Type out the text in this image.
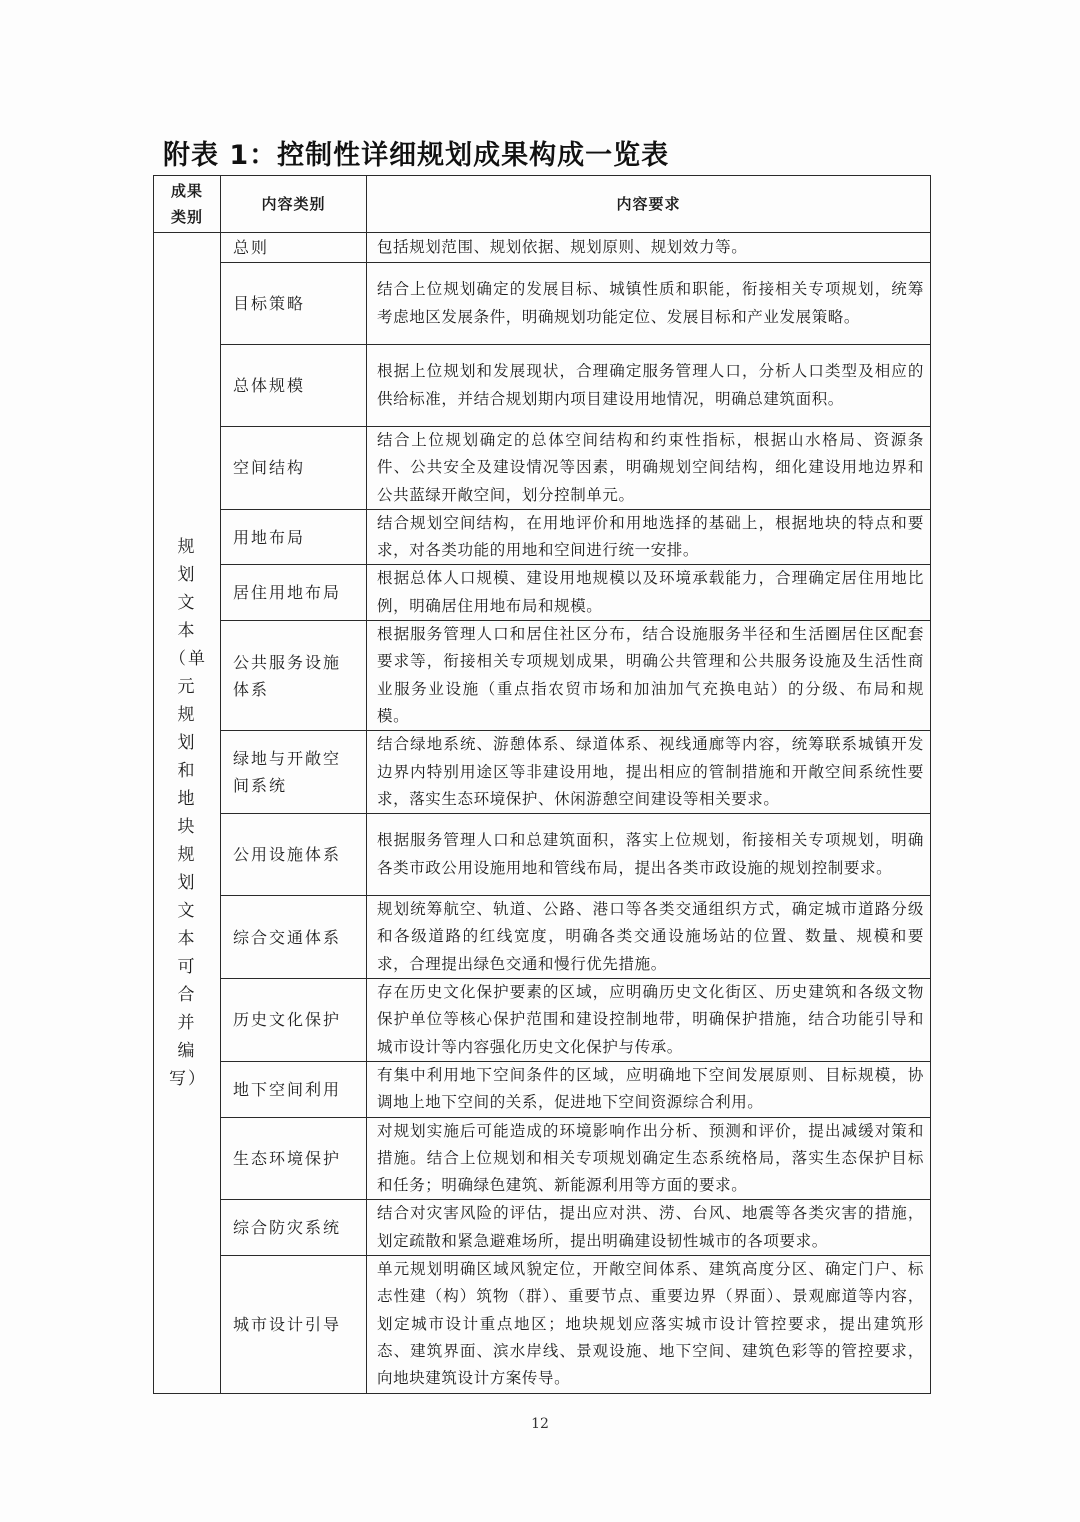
附表 1：控制性详细规划成果构成一览表
成果类别	内容类别	内容要求

规划文本（单元规划和地块规划文本可合并编写）	总则	包括规划范围、规划依据、规划原则、规划效力等。

	目标策略	结合上位规划确定的发展目标、城镇性质和职能，衔接相关专项规划，统筹考虑地区发展条件，明确规划功能定位、发展目标和产业发展策略。

	总体规模	根据上位规划和发展现状，合理确定服务管理人口，分析人口类型及相应的供给标准，并结合规划期内项目建设用地情况，明确总建筑面积。

	空间结构	结合上位规划确定的总体空间结构和约束性指标，根据山水格局、资源条件、公共安全及建设情况等因素，明确规划空间结构，细化建设用地边界和公共蓝绿开敞空间，划分控制单元。

	用地布局	结合规划空间结构，在用地评价和用地选择的基础上，根据地块的特点和要求，对各类功能的用地和空间进行统一安排。

	居住用地布局	根据总体人口规模、建设用地规模以及环境承载能力，合理确定居住用地比例，明确居住用地布局和规模。

	公共服务设施体系	根据服务管理人口和居住社区分布，结合设施服务半径和生活圈居住区配套要求等，衔接相关专项规划成果，明确公共管理和公共服务设施及生活性商业服务业设施（重点指农贸市场和加油加气充换电站）的分级、布局和规模。

	绿地与开敞空间系统	结合绿地系统、游憩体系、绿道体系、视线通廊等内容，统筹联系城镇开发边界内特别用途区等非建设用地，提出相应的管制措施和开敞空间系统性要求，落实生态环境保护、休闲游憩空间建设等相关要求。

	公用设施体系	根据服务管理人口和总建筑面积，落实上位规划，衔接相关专项规划，明确各类市政公用设施用地和管线布局，提出各类市政设施的规划控制要求。

	综合交通体系	规划统筹航空、轨道、公路、港口等各类交通组织方式，确定城市道路分级和各级道路的红线宽度，明确各类交通设施场站的位置、数量、规模和要求，合理提出绿色交通和慢行优先措施。

	历史文化保护	存在历史文化保护要素的区域，应明确历史文化街区、历史建筑和各级文物保护单位等核心保护范围和建设控制地带，明确保护措施，结合功能引导和城市设计等内容强化历史文化保护与传承。

	地下空间利用	有集中利用地下空间条件的区域，应明确地下空间发展原则、目标规模，协调地上地下空间的关系，促进地下空间资源综合利用。

	生态环境保护	对规划实施后可能造成的环境影响作出分析、预测和评价，提出减缓对策和措施。结合上位规划和相关专项规划确定生态系统格局，落实生态保护目标和任务；明确绿色建筑、新能源利用等方面的要求。

	综合防灾系统	结合对灾害风险的评估，提出应对洪、涝、台风、地震等各类灾害的措施，划定疏散和紧急避难场所，提出明确建设韧性城市的各项要求。

	城市设计引导	单元规划明确区域风貌定位，开敞空间体系、建筑高度分区、确定门户、标志性建（构）筑物（群）、重要节点、重要边界（界面）、景观廊道等内容，划定城市设计重点地区；地块规划应落实城市设计管控要求，提出建筑形态、建筑界面、滨水岸线、景观设施、地下空间、建筑色彩等的管控要求，向地块建筑设计方案传导。
12
